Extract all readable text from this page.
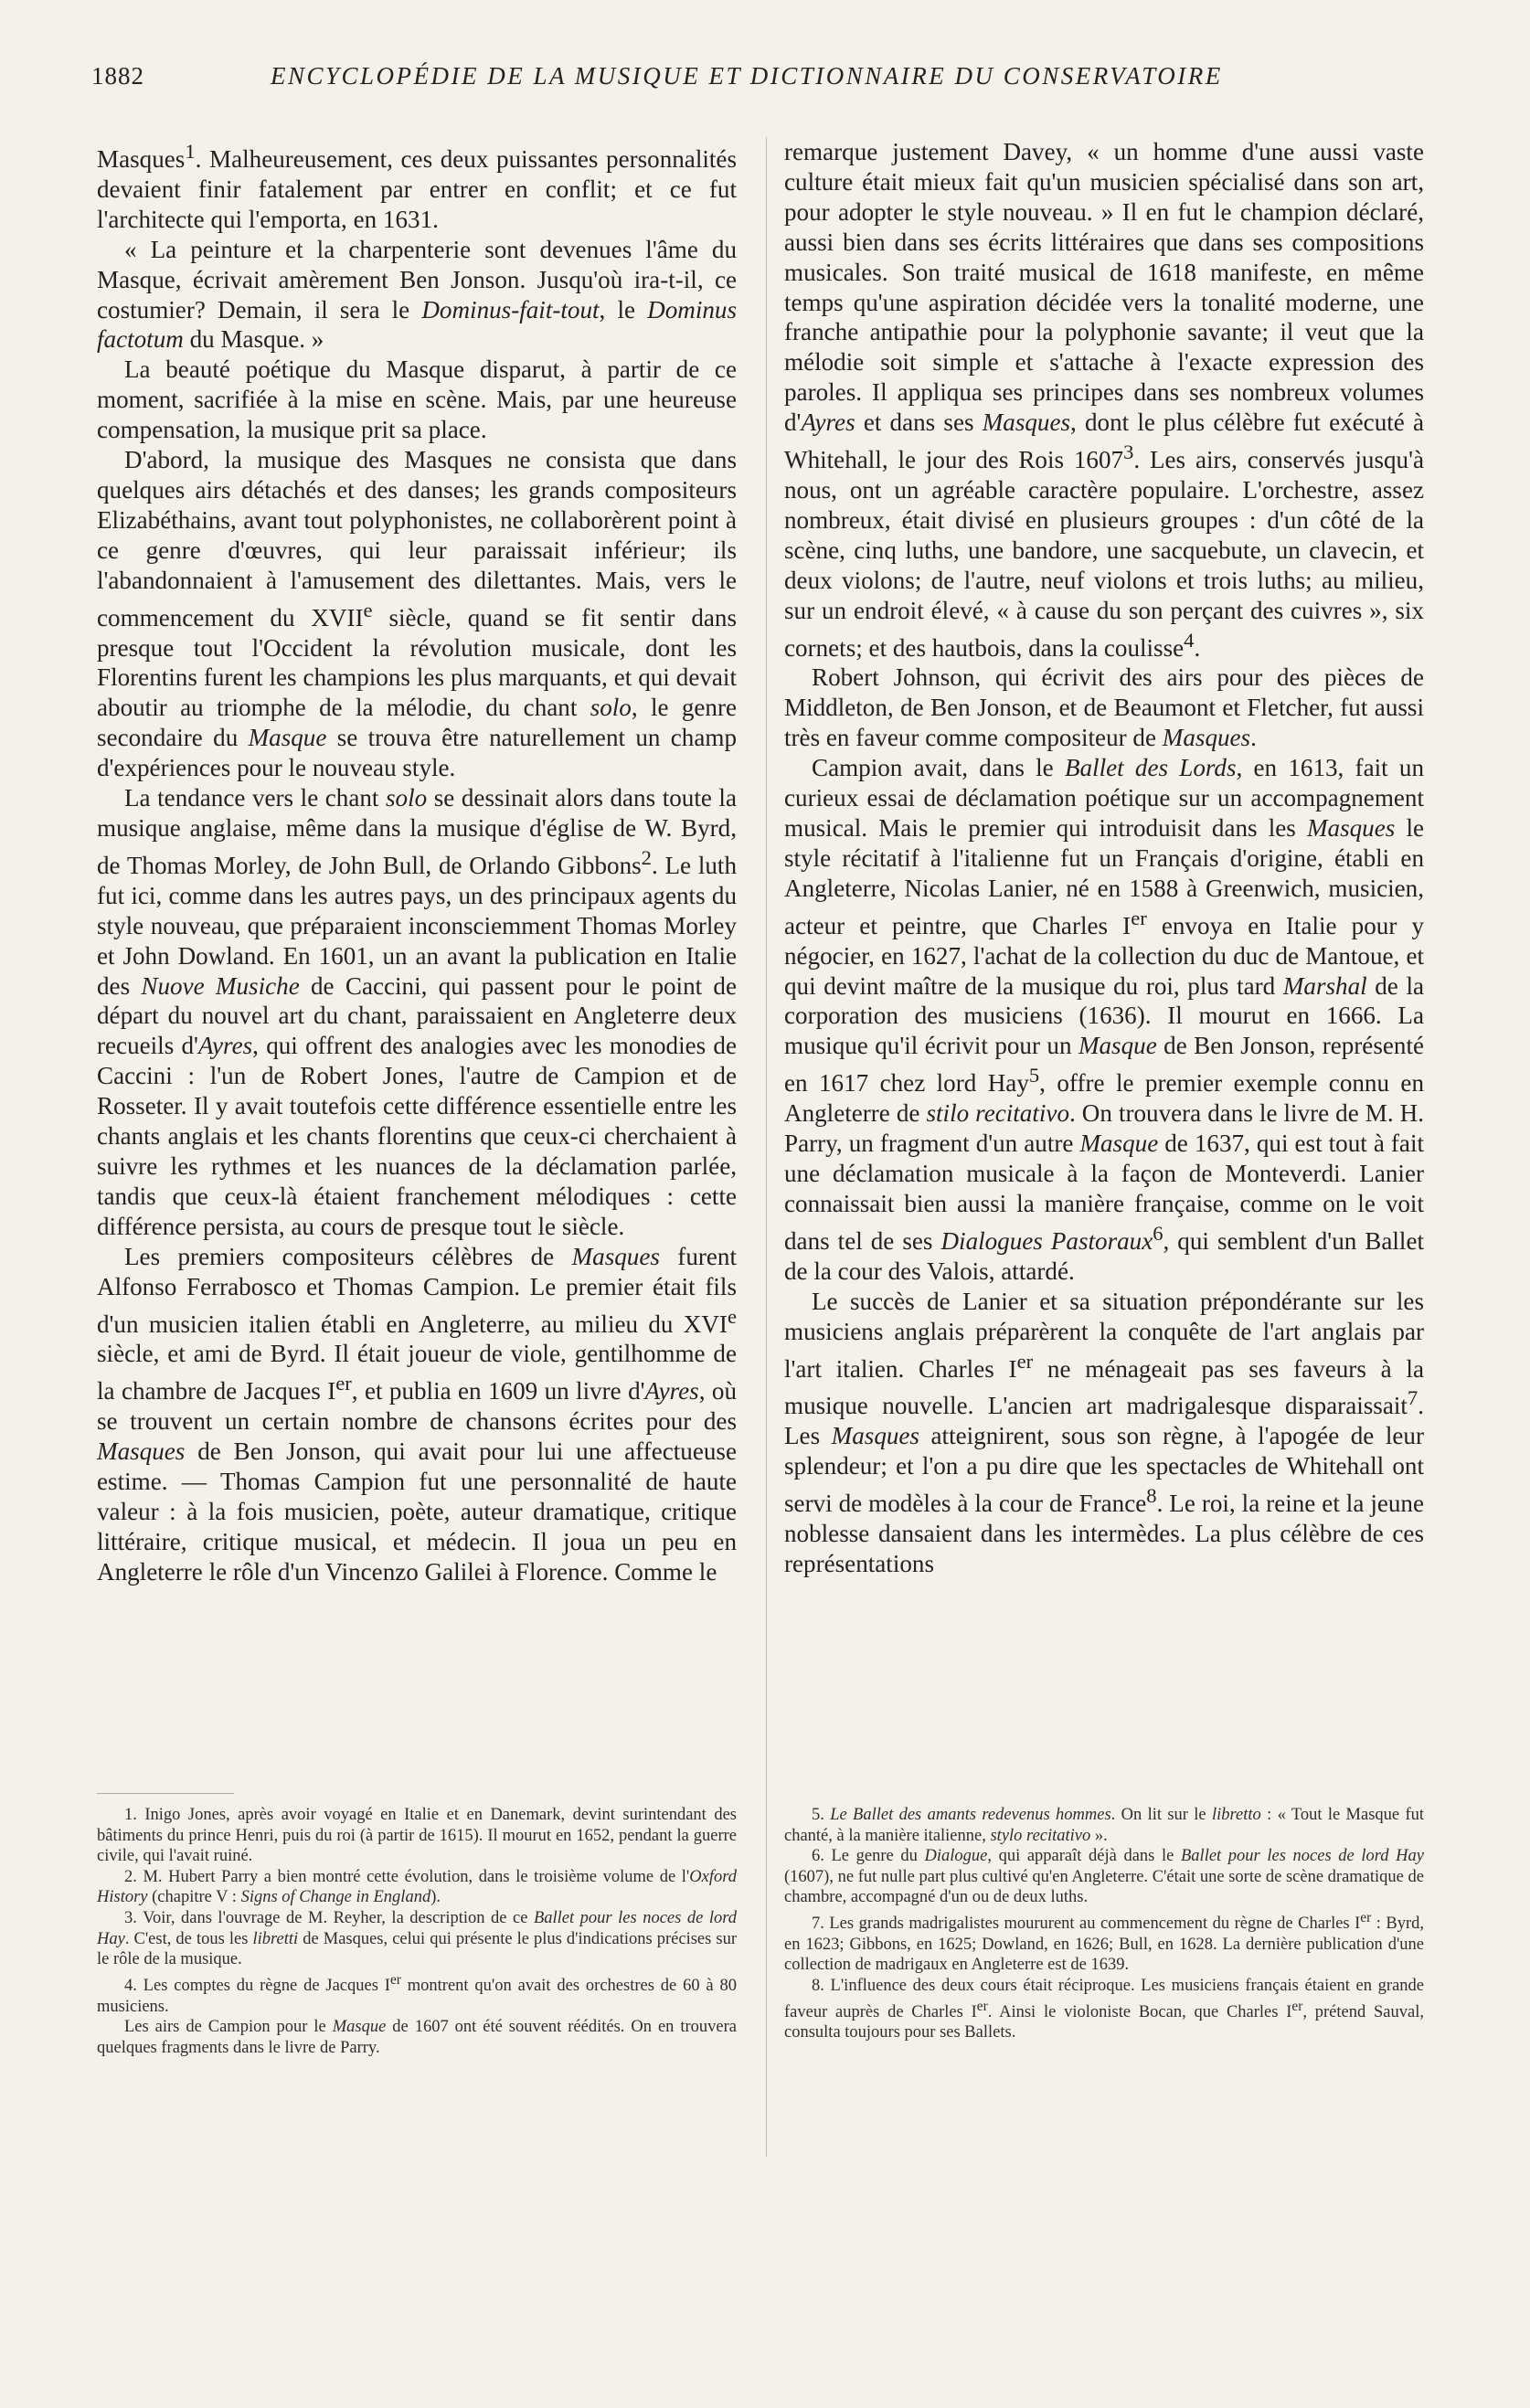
1882	ENCYCLOPÉDIE DE LA MUSIQUE ET DICTIONNAIRE DU CONSERVATOIRE

Masques$^1$. Malheureusement, ces deux puissantes personnalités devaient finir fatalement par entrer en conflit; et ce fut l'architecte qui l'emporta, en 1631.

« La peinture et la charpenterie sont devenues l'âme du Masque, écrivait amèrement Ben Jonson. Jusqu'où ira-t-il, ce costumier? Demain, il sera le Dominus-fait-tout, le Dominus factotum du Masque. »

La beauté poétique du Masque disparut, à partir de ce moment, sacrifiée à la mise en scène. Mais, par une heureuse compensation, la musique prit sa place.

D'abord, la musique des Masques ne consista que dans quelques airs détachés et des danses; les grands compositeurs Elizabéthains, avant tout polyphonistes, ne collaborèrent point à ce genre d'œuvres, qui leur paraissait inférieur; ils l'abandonnaient à l'amusement des dilettantes. Mais, vers le commencement du XVIIe siècle, quand se fit sentir dans presque tout l'Occident la révolution musicale, dont les Florentins furent les champions les plus marquants, et qui devait aboutir au triomphe de la mélodie, du chant solo, le genre secondaire du Masque se trouva être naturellement un champ d'expériences pour le nouveau style.

La tendance vers le chant solo se dessinait alors dans toute la musique anglaise, même dans la musique d'église de W. Byrd, de Thomas Morley, de John Bull, de Orlando Gibbons$^2$. Le luth fut ici, comme dans les autres pays, un des principaux agents du style nouveau, que préparaient inconsciemment Thomas Morley et John Dowland. En 1601, un an avant la publication en Italie des Nuove Musiche de Caccini, qui passent pour le point de départ du nouvel art du chant, paraissaient en Angleterre deux recueils d'Ayres, qui offrent des analogies avec les monodies de Caccini : l'un de Robert Jones, l'autre de Campion et de Rosseter. Il y avait toutefois cette différence essentielle entre les chants anglais et les chants florentins que ceux-ci cherchaient à suivre les rythmes et les nuances de la déclamation parlée, tandis que ceux-là étaient franchement mélodiques : cette différence persista, au cours de presque tout le siècle.

Les premiers compositeurs célèbres de Masques furent Alfonso Ferrabosco et Thomas Campion. Le premier était fils d'un musicien italien établi en Angleterre, au milieu du XVIe siècle, et ami de Byrd. Il était joueur de viole, gentilhomme de la chambre de Jacques Ier, et publia en 1609 un livre d'Ayres, où se trouvent un certain nombre de chansons écrites pour des Masques de Ben Jonson, qui avait pour lui une affectueuse estime. — Thomas Campion fut une personnalité de haute valeur : à la fois musicien, poète, auteur dramatique, critique littéraire, critique musical, et médecin. Il joua un peu en Angleterre le rôle d'un Vincenzo Galilei à Florence. Comme le

remarque justement Davey, « un homme d'une aussi vaste culture était mieux fait qu'un musicien spécialisé dans son art, pour adopter le style nouveau. » Il en fut le champion déclaré, aussi bien dans ses écrits littéraires que dans ses compositions musicales. Son traité musical de 1618 manifeste, en même temps qu'une aspiration décidée vers la tonalité moderne, une franche antipathie pour la polyphonie savante; il veut que la mélodie soit simple et s'attache à l'exacte expression des paroles. Il appliqua ses principes dans ses nombreux volumes d'Ayres et dans ses Masques, dont le plus célèbre fut exécuté à Whitehall, le jour des Rois 1607$^3$. Les airs, conservés jusqu'à nous, ont un agréable caractère populaire. L'orchestre, assez nombreux, était divisé en plusieurs groupes : d'un côté de la scène, cinq luths, une bandore, une sacquebute, un clavecin, et deux violons; de l'autre, neuf violons et trois luths; au milieu, sur un endroit élevé, « à cause du son perçant des cuivres », six cornets; et des hautbois, dans la coulisse$^4$.

Robert Johnson, qui écrivit des airs pour des pièces de Middleton, de Ben Jonson, et de Beaumont et Fletcher, fut aussi très en faveur comme compositeur de Masques.

Campion avait, dans le Ballet des Lords, en 1613, fait un curieux essai de déclamation poétique sur un accompagnement musical. Mais le premier qui introduisit dans les Masques le style récitatif à l'italienne fut un Français d'origine, établi en Angleterre, Nicolas Lanier, né en 1588 à Greenwich, musicien, acteur et peintre, que Charles Ier envoya en Italie pour y négocier, en 1627, l'achat de la collection du duc de Mantoue, et qui devint maître de la musique du roi, plus tard Marshal de la corporation des musiciens (1636). Il mourut en 1666. La musique qu'il écrivit pour un Masque de Ben Jonson, représenté en 1617 chez lord Hay$^5$, offre le premier exemple connu en Angleterre de stilo recitativo. On trouvera dans le livre de M. H. Parry, un fragment d'un autre Masque de 1637, qui est tout à fait une déclamation musicale à la façon de Monteverdi. Lanier connaissait bien aussi la manière française, comme on le voit dans tel de ses Dialogues Pastoraux$^6$, qui semblent d'un Ballet de la cour des Valois, attardé.

Le succès de Lanier et sa situation prépondérante sur les musiciens anglais préparèrent la conquête de l'art anglais par l'art italien. Charles Ier ne ménageait pas ses faveurs à la musique nouvelle. L'ancien art madrigalesque disparaissait$^7$. Les Masques atteignirent, sous son règne, à l'apogée de leur splendeur; et l'on a pu dire que les spectacles de Whitehall ont servi de modèles à la cour de France$^8$. Le roi, la reine et la jeune noblesse dansaient dans les intermèdes. La plus célèbre de ces représentations

1. Inigo Jones, après avoir voyagé en Italie et en Danemark, devint surintendant des bâtiments du prince Henri, puis du roi (à partir de 1615). Il mourut en 1652, pendant la guerre civile, qui l'avait ruiné.

2. M. Hubert Parry a bien montré cette évolution, dans le troisième volume de l'Oxford History (chapitre V : Signs of Change in England).

3. Voir, dans l'ouvrage de M. Reyher, la description de ce Ballet pour les noces de lord Hay. C'est, de tous les libretti de Masques, celui qui présente le plus d'indications précises sur le rôle de la musique.

4. Les comptes du règne de Jacques Ier montrent qu'on avait des orchestres de 60 à 80 musiciens.

Les airs de Campion pour le Masque de 1607 ont été souvent réédités. On en trouvera quelques fragments dans le livre de Parry.

5. Le Ballet des amants redevenus hommes. On lit sur le libretto : « Tout le Masque fut chanté, à la manière italienne, stylo recitativo ».

6. Le genre du Dialogue, qui apparaît déjà dans le Ballet pour les noces de lord Hay (1607), ne fut nulle part plus cultivé qu'en Angleterre. C'était une sorte de scène dramatique de chambre, accompagné d'un ou de deux luths.

7. Les grands madrigalistes moururent au commencement du règne de Charles Ier : Byrd, en 1623; Gibbons, en 1625; Dowland, en 1626; Bull, en 1628. La dernière publication d'une collection de madrigaux en Angleterre est de 1639.

8. L'influence des deux cours était réciproque. Les musiciens français étaient en grande faveur auprès de Charles Ier. Ainsi le violoniste Bocan, que Charles Ier, prétend Sauval, consulta toujours pour ses Ballets.
